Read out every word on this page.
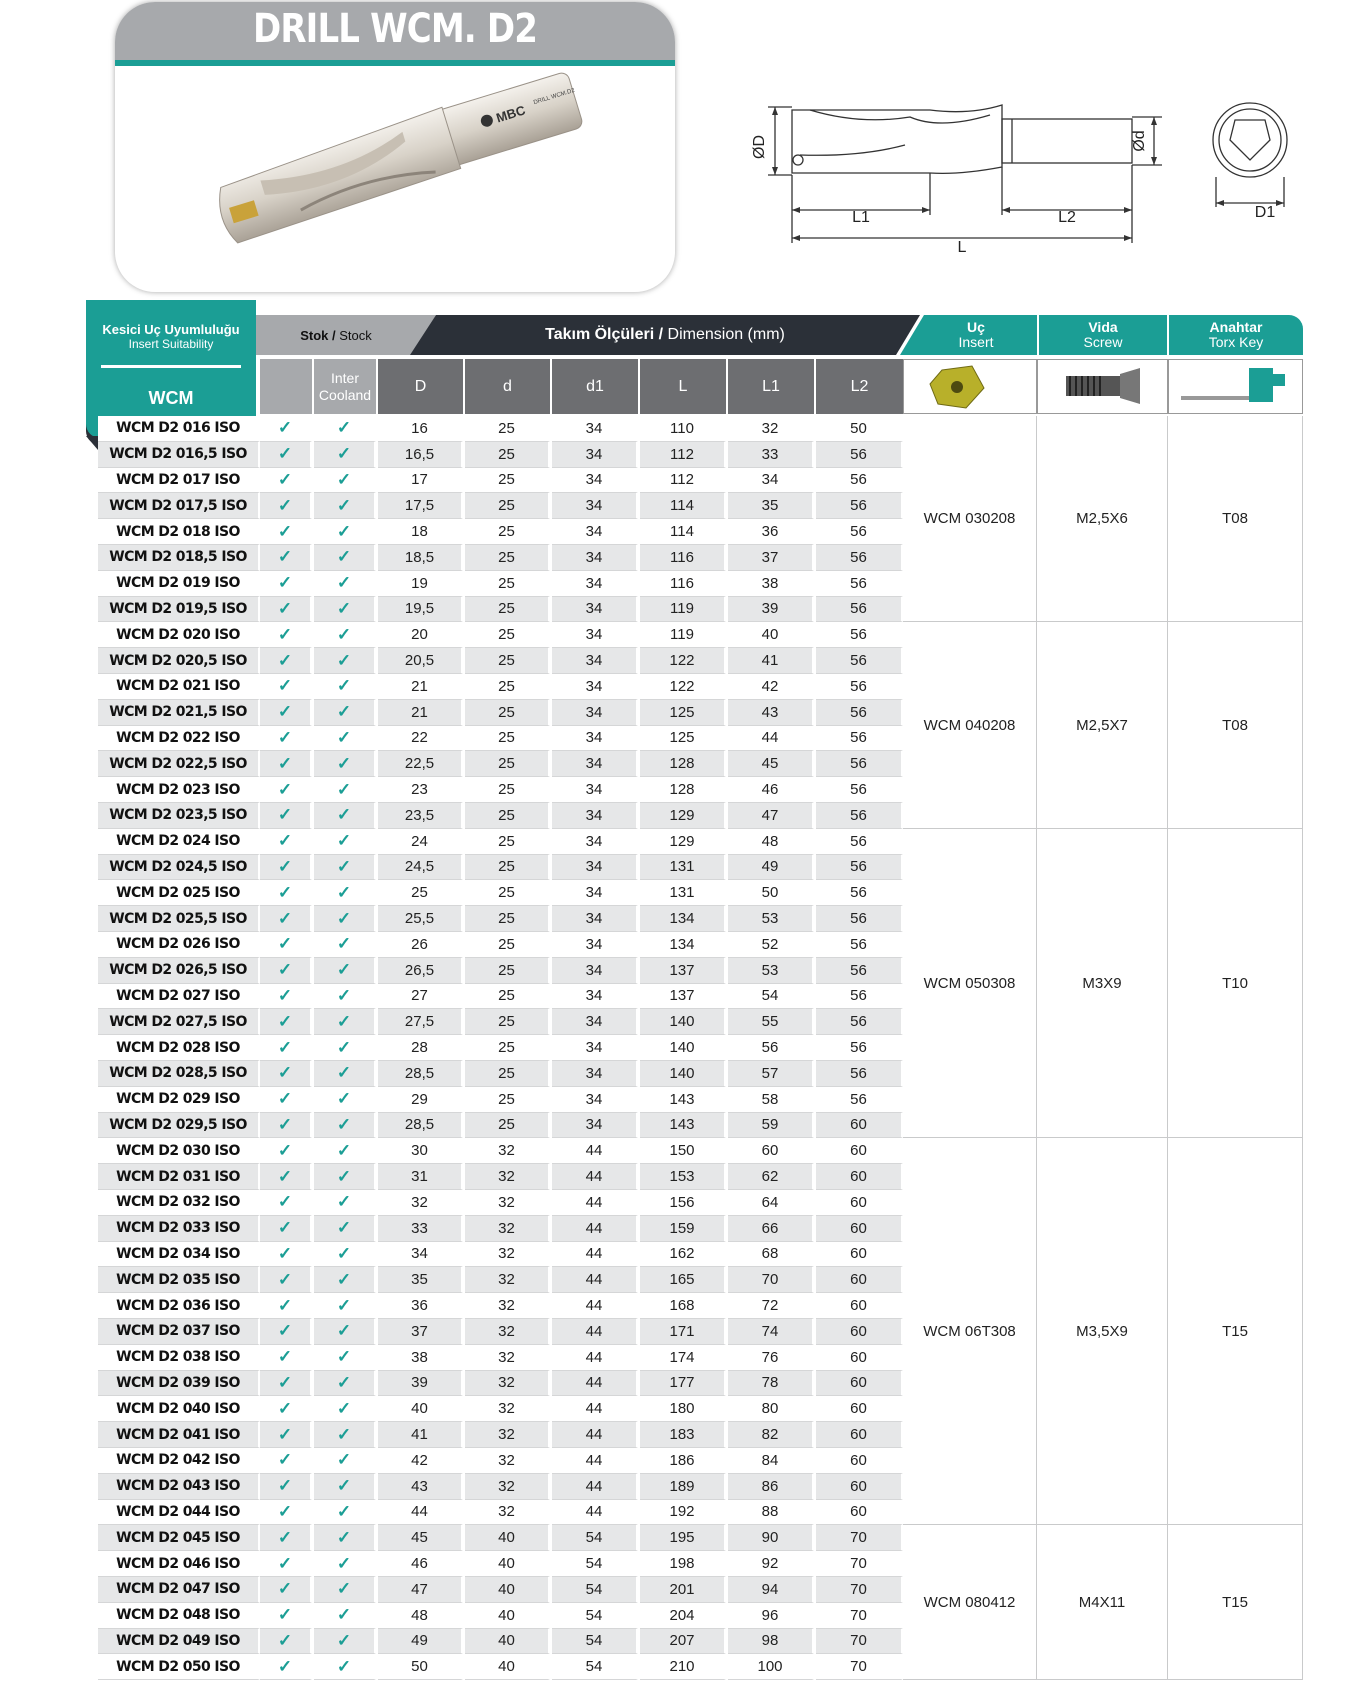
DRILL WCM. D2
MBC
DRILL WCM.D2
ØD	Ød
L1	L2
L
D1
Kesici Uç Uyumluluğu
Insert Suitability
WCM
Stok / Stock	Takım Ölçüleri / Dimension (mm)	Uç
Insert
Vida
Screw
Anahtar
Torx Key
Inter Cooland	D	d	d1	L	L1	L2
WCM D2 016 ISO	✓	✓	16	25	34	110	32	50
WCM D2 016,5 ISO	✓	✓	16,5	25	34	112	33	56
WCM D2 017 ISO	✓	✓	17	25	34	112	34	56
WCM D2 017,5 ISO	✓	✓	17,5	25	34	114	35	56
WCM D2 018 ISO	✓	✓	18	25	34	114	36	56
WCM D2 018,5 ISO	✓	✓	18,5	25	34	116	37	56
WCM D2 019 ISO	✓	✓	19	25	34	116	38	56
WCM D2 019,5 ISO	✓	✓	19,5	25	34	119	39	56
WCM D2 020 ISO	✓	✓	20	25	34	119	40	56
WCM D2 020,5 ISO	✓	✓	20,5	25	34	122	41	56
WCM D2 021 ISO	✓	✓	21	25	34	122	42	56
WCM D2 021,5 ISO	✓	✓	21	25	34	125	43	56
WCM D2 022 ISO	✓	✓	22	25	34	125	44	56
WCM D2 022,5 ISO	✓	✓	22,5	25	34	128	45	56
WCM D2 023 ISO	✓	✓	23	25	34	128	46	56
WCM D2 023,5 ISO	✓	✓	23,5	25	34	129	47	56
WCM D2 024 ISO	✓	✓	24	25	34	129	48	56
WCM D2 024,5 ISO	✓	✓	24,5	25	34	131	49	56
WCM D2 025 ISO	✓	✓	25	25	34	131	50	56
WCM D2 025,5 ISO	✓	✓	25,5	25	34	134	53	56
WCM D2 026 ISO	✓	✓	26	25	34	134	52	56
WCM D2 026,5 ISO	✓	✓	26,5	25	34	137	53	56
WCM D2 027 ISO	✓	✓	27	25	34	137	54	56
WCM D2 027,5 ISO	✓	✓	27,5	25	34	140	55	56
WCM D2 028 ISO	✓	✓	28	25	34	140	56	56
WCM D2 028,5 ISO	✓	✓	28,5	25	34	140	57	56
WCM D2 029 ISO	✓	✓	29	25	34	143	58	56
WCM D2 029,5 ISO	✓	✓	28,5	25	34	143	59	60
WCM D2 030 ISO	✓	✓	30	32	44	150	60	60
WCM D2 031 ISO	✓	✓	31	32	44	153	62	60
WCM D2 032 ISO	✓	✓	32	32	44	156	64	60
WCM D2 033 ISO	✓	✓	33	32	44	159	66	60
WCM D2 034 ISO	✓	✓	34	32	44	162	68	60
WCM D2 035 ISO	✓	✓	35	32	44	165	70	60
WCM D2 036 ISO	✓	✓	36	32	44	168	72	60
WCM D2 037 ISO	✓	✓	37	32	44	171	74	60
WCM D2 038 ISO	✓	✓	38	32	44	174	76	60
WCM D2 039 ISO	✓	✓	39	32	44	177	78	60
WCM D2 040 ISO	✓	✓	40	32	44	180	80	60
WCM D2 041 ISO	✓	✓	41	32	44	183	82	60
WCM D2 042 ISO	✓	✓	42	32	44	186	84	60
WCM D2 043 ISO	✓	✓	43	32	44	189	86	60
WCM D2 044 ISO	✓	✓	44	32	44	192	88	60
WCM D2 045 ISO	✓	✓	45	40	54	195	90	70
WCM D2 046 ISO	✓	✓	46	40	54	198	92	70
WCM D2 047 ISO	✓	✓	47	40	54	201	94	70
WCM D2 048 ISO	✓	✓	48	40	54	204	96	70
WCM D2 049 ISO	✓	✓	49	40	54	207	98	70
WCM D2 050 ISO	✓	✓	50	40	54	210	100	70
WCM 030208	M2,5X6	T08
WCM 040208	M2,5X7	T08
WCM 050308	M3X9	T10
WCM 06T308	M3,5X9	T15
WCM 080412	M4X11	T15
